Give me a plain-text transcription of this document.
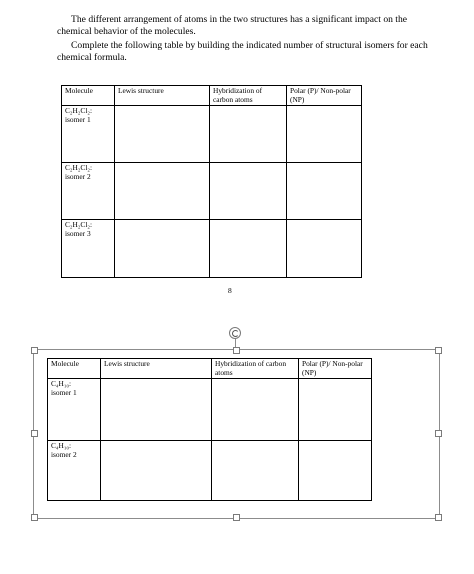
The different arrangement of atoms in the two structures has a significant impact on the chemical behavior of the molecules.

Complete the following table by building the indicated number of structural isomers for each chemical formula.

Molecule	Lewis structure	Hybridization of carbon atoms	Polar (P)/ Non-polar (NP)
C₂H₂Cl₂:
isomer 1			
C₂H₂Cl₂:
isomer 2			
C₂H₂Cl₂:
isomer 3			
8
Molecule	Lewis structure	Hybridization of carbon atoms	Polar (P)/ Non-polar (NP)
C₄H₁₀:
isomer 1			
C₄H₁₀:
isomer 2			
